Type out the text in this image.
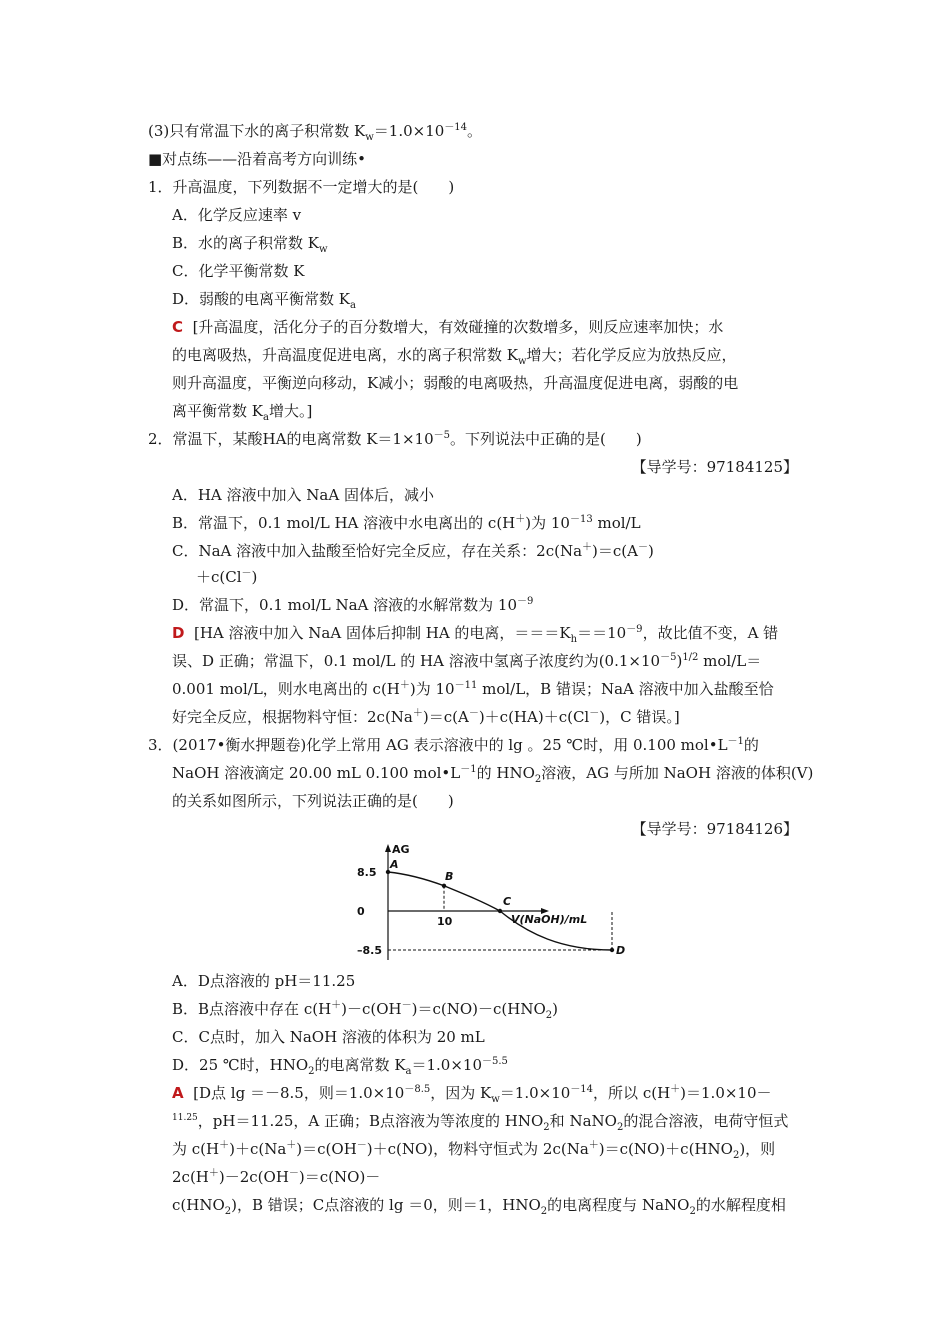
(3)只有常温下水的离子积常数 $K_w=1.0\times 10^{-14}$。
■对点练——沿着高考方向训练•
1．升高温度，下列数据不一定增大的是(　　)
A．化学反应速率 v
B．水的离子积常数 $K_w$
C．化学平衡常数 K
D．弱酸的电离平衡常数 $K_a$
C [升高温度，活化分子的百分数增大，有效碰撞的次数增多，则反应速率加快；水
的电离吸热，升高温度促进电离，水的离子积常数 $K_w$增大；若化学反应为放热反应，
则升高温度，平衡逆向移动，K减小；弱酸的电离吸热，升高温度促进电离，弱酸的电
离平衡常数 $K_a$增大。]
2．常温下，某酸HA的电离常数 $K=1\times 10^{-5}$。下列说法中正确的是(　　)
【导学号：97184125】
A．HA 溶液中加入 NaA 固体后，减小
B．常温下，0.1 mol/L HA 溶液中水电离出的 c(H＋)为 $10^{-13}$ mol/L
C．NaA 溶液中加入盐酸至恰好完全反应，存在关系：2c(Na＋)＝c(A－)
＋c(Cl－)
D．常温下，0.1 mol/L NaA 溶液的水解常数为 $10^{-9}$
D [HA 溶液中加入 NaA 固体后抑制 HA 的电离，$===K_h==10^{-9}$，故比值不变，A 错
误、D 正确；常温下，0.1 mol/L 的 HA 溶液中氢离子浓度约为$(0.1\times 10^{-5})^{1/2}$ mol/L＝
0.001 mol/L，则水电离出的 c(H＋)为 $10^{-11}$ mol/L，B 错误；NaA 溶液中加入盐酸至恰
好完全反应，根据物料守恒：2c(Na＋)＝c(A－)＋c(HA)＋c(Cl－)，C 错误。]
3．(2017•衡水押题卷)化学上常用 AG 表示溶液中的 lg 。25 ℃时，用 0.100 $mol•L^{-1}$的
NaOH 溶液滴定 20.00 mL 0.100 $mol•L^{-1}$的 $HNO_2$溶液，AG 与所加 NaOH 溶液的体积(V)
的关系如图所示，下列说法正确的是(　　)
【导学号：97184126】
AG
V(NaOH)/mL
8.5
0
–8.5
10
A
B
C
D
A．D点溶液的 pH＝11.25
B．B点溶液中存在 $c(H^+)-c(OH^-)=c(NO)-c(HNO_2)$
C．C点时，加入 NaOH 溶液的体积为 20 mL
D．25 ℃时，$HNO_2$的电离常数 $K_a=1.0\times 10^{-5.5}$
A [D点 lg ＝－8.5，则$=1.0\times 10^{-8.5}$，因为 $K_w=1.0\times 10^{-14}$，所以 c(H＋)＝1.0×10－
$^{11.25}$，pH＝11.25，A 正确；B点溶液为等浓度的 $HNO_2$和 NaNO$_2$的混合溶液，电荷守恒式
为 c(H＋)＋c(Na＋)＝c(OH－)＋c(NO)，物料守恒式为 $2c(Na^+)=c(NO)+c(HNO_2)$，则
2c(H＋)－2c(OH－)＝c(NO)－
$c(HNO_2)$，B 错误；C点溶液的 lg ＝0，则＝1，$HNO_2$的电离程度与 NaNO$_2$的水解程度相
